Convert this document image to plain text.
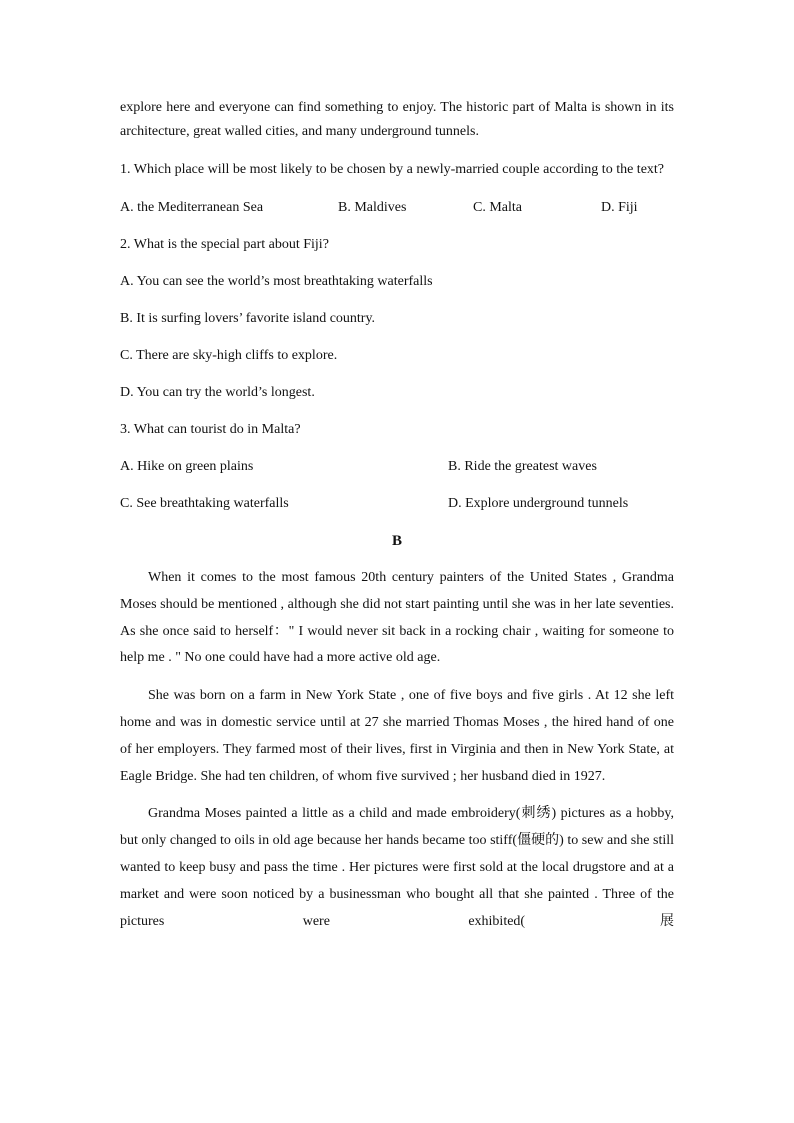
explore here and everyone can find something to enjoy. The historic part of Malta is shown in its architecture, great walled cities, and many underground tunnels.

1. Which place will be most likely to be chosen by a newly-married couple according to the text?

A. the Mediterranean Sea	B. Maldives	C. Malta	D. Fiji

2. What is the special part about Fiji?

A. You can see the world’s most breathtaking waterfalls

B. It is surfing lovers’ favorite island country.

C. There are sky-high cliffs to explore.

D. You can try the world’s longest.

3. What can tourist do in Malta?

A. Hike on green plains	B. Ride the greatest waves
C. See breathtaking waterfalls	D. Explore underground tunnels
B

When it comes to the most famous 20th century painters of the United States , Grandma Moses should be mentioned , although she did not start painting until she was in her late seventies. As she once said to herself：" I would never sit back in a rocking chair , waiting for someone to help me . " No one could have had a more active old age.

She was born on a farm in New York State , one of five boys and five girls . At 12 she left home and was in domestic service until at 27 she married Thomas Moses , the hired hand of one of her employers. They farmed most of their lives, first in Virginia and then in New York State, at Eagle Bridge. She had ten children, of whom five survived ; her husband died in 1927.

Grandma Moses painted a little as a child and made embroidery(刺绣) pictures as a hobby, but only changed to oils in old age because her hands became too stiff(僵硬的) to sew and she still wanted to keep busy and pass the time . Her pictures were first sold at the local drugstore and at a market and were soon noticed by a businessman who bought all that she painted . Three of the pictures were exhibited(展
